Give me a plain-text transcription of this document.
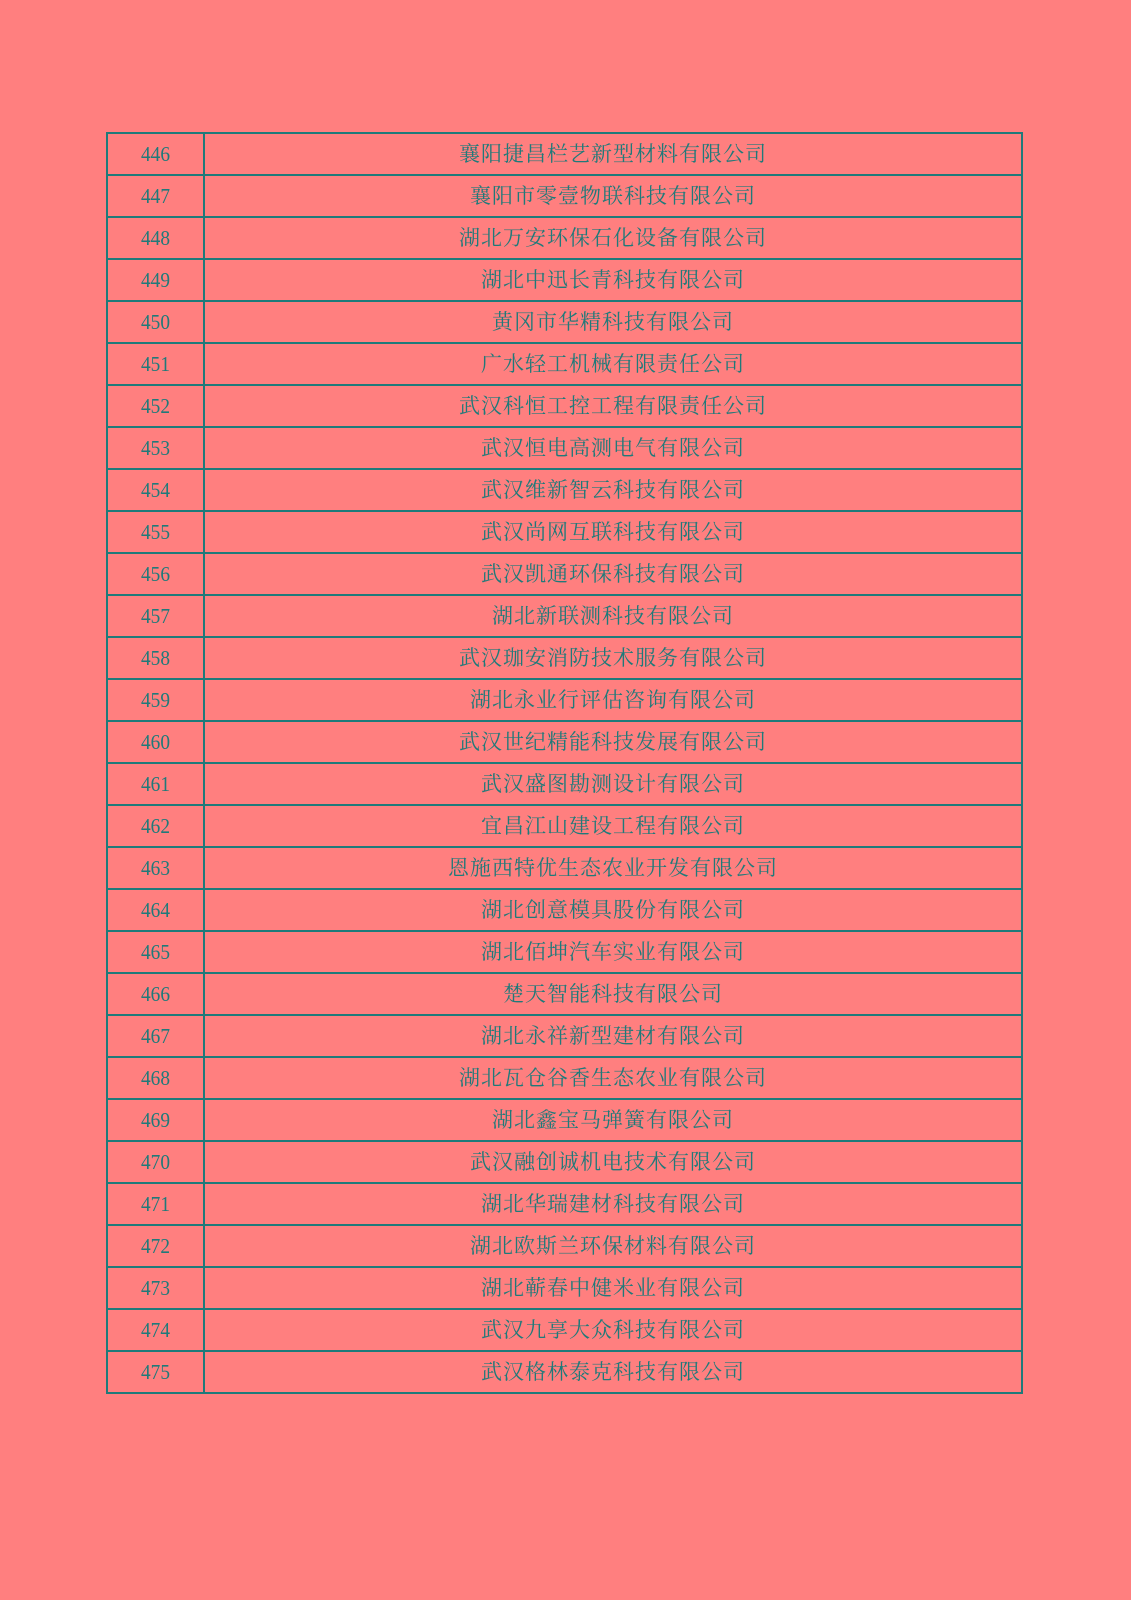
446	襄阳捷昌栏艺新型材料有限公司
447	襄阳市零壹物联科技有限公司
448	湖北万安环保石化设备有限公司
449	湖北中迅长青科技有限公司
450	黄冈市华精科技有限公司
451	广水轻工机械有限责任公司
452	武汉科恒工控工程有限责任公司
453	武汉恒电高测电气有限公司
454	武汉维新智云科技有限公司
455	武汉尚网互联科技有限公司
456	武汉凯通环保科技有限公司
457	湖北新联测科技有限公司
458	武汉珈安消防技术服务有限公司
459	湖北永业行评估咨询有限公司
460	武汉世纪精能科技发展有限公司
461	武汉盛图勘测设计有限公司
462	宜昌江山建设工程有限公司
463	恩施西特优生态农业开发有限公司
464	湖北创意模具股份有限公司
465	湖北佰坤汽车实业有限公司
466	楚天智能科技有限公司
467	湖北永祥新型建材有限公司
468	湖北瓦仓谷香生态农业有限公司
469	湖北鑫宝马弹簧有限公司
470	武汉融创诚机电技术有限公司
471	湖北华瑞建材科技有限公司
472	湖北欧斯兰环保材料有限公司
473	湖北蕲春中健米业有限公司
474	武汉九享大众科技有限公司
475	武汉格林泰克科技有限公司
